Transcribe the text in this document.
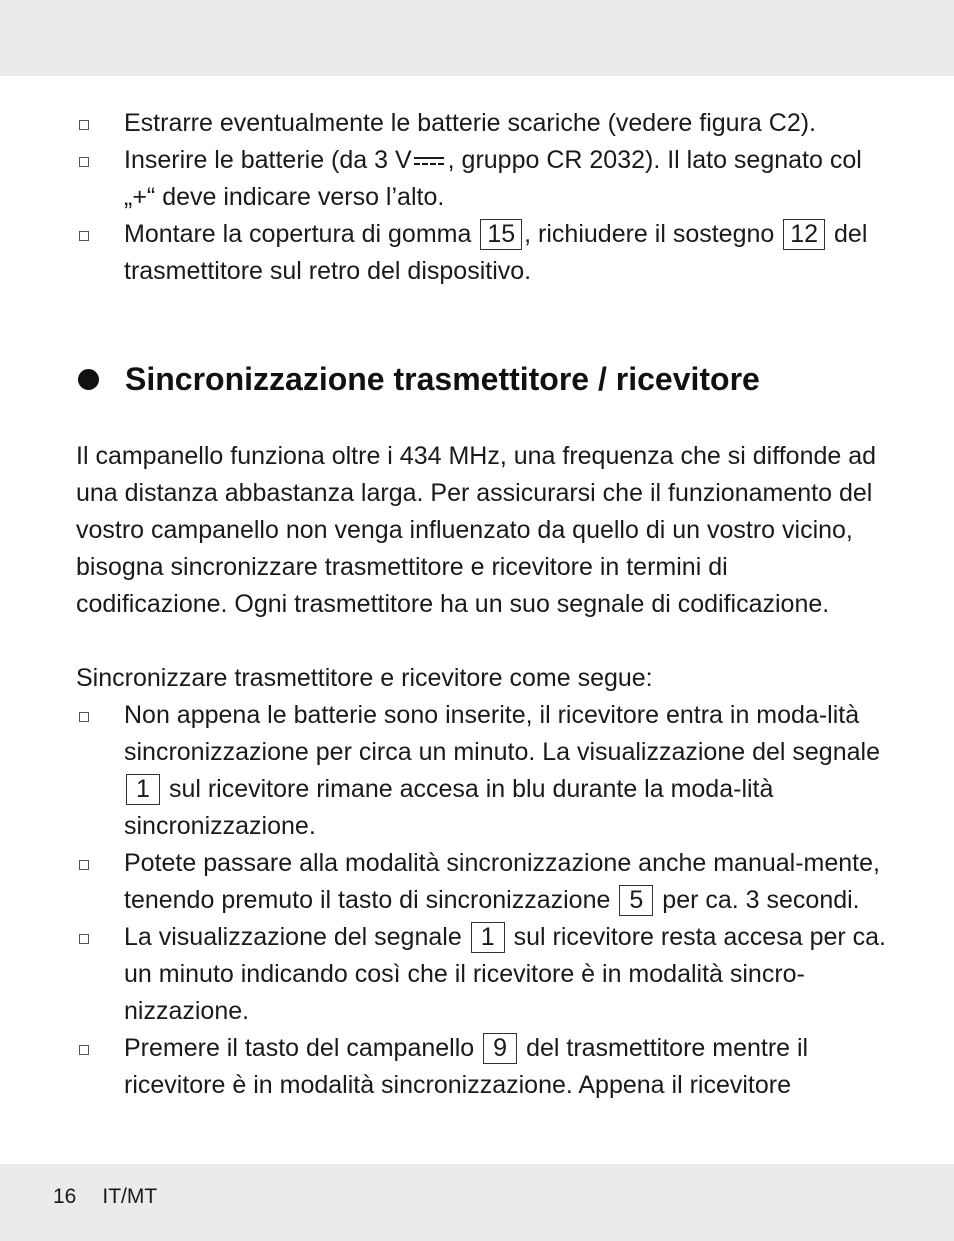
Estrarre eventualmente le batterie scariche (vedere figura C2).
Inserire le batterie (da 3 V , gruppo CR 2032). Il lato segnato col „+“ deve indicare verso l’alto.
Montare la copertura di gomma 15 , richiudere il sostegno 12 del trasmettitore sul retro del dispositivo.
Sincronizzazione trasmettitore / ricevitore

Il campanello funziona oltre i 434 MHz, una frequenza che si diffonde ad una distanza abbastanza larga. Per assicurarsi che il funzionamento del vostro campanello non venga influenzato da quello di un vostro vicino, bisogna sincronizzare trasmettitore e ricevitore in termini di codificazione. Ogni trasmettitore ha un suo segnale di codificazione.

Sincronizzare trasmettitore e ricevitore come segue:

Non appena le batterie sono inserite, il ricevitore entra in moda-lità sincronizzazione per circa un minuto. La visualizzazione del segnale 1 sul ricevitore rimane accesa in blu durante la moda-lità sincronizzazione.
Potete passare alla modalità sincronizzazione anche manual-mente, tenendo premuto il tasto di sincronizzazione 5 per ca. 3 secondi.
La visualizzazione del segnale 1 sul ricevitore resta accesa per ca. un minuto indicando così che il ricevitore è in modalità sincro-nizzazione.
Premere il tasto del campanello 9 del trasmettitore mentre il ricevitore è in modalità sincronizzazione. Appena il ricevitore
16 IT/MT
